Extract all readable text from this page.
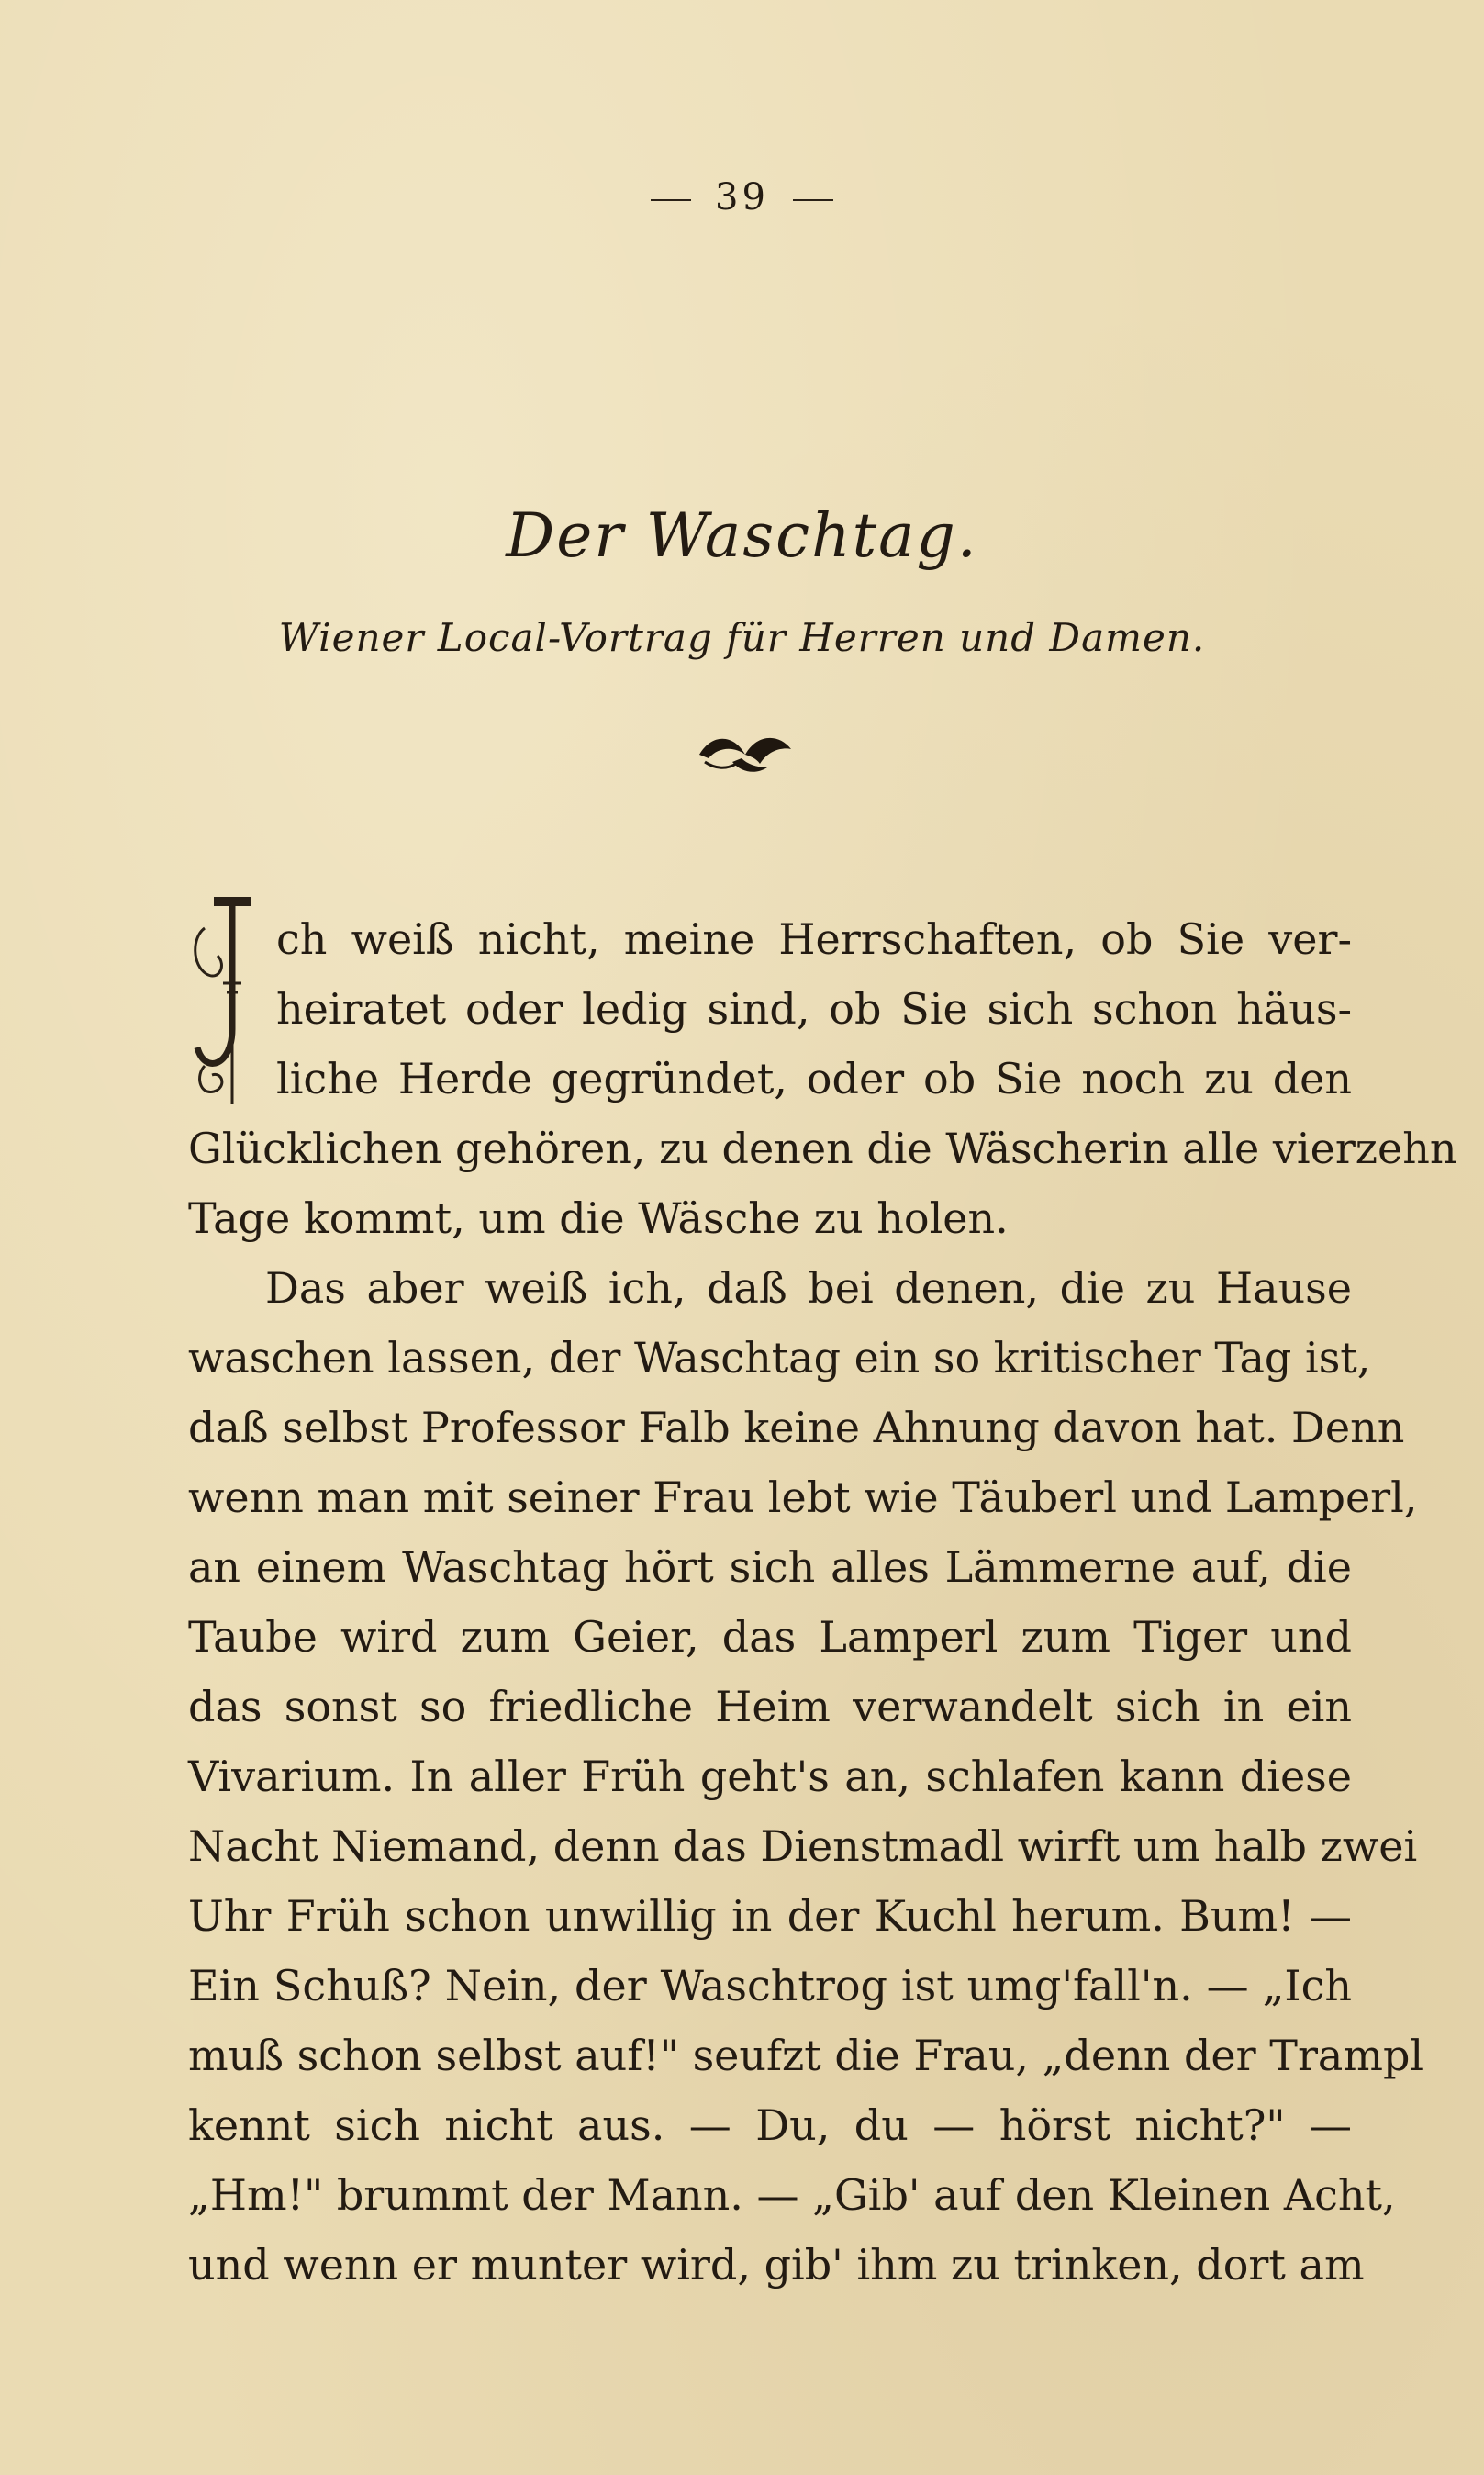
39
Der Waschtag.
Wiener Local-Vortrag für Herren und Damen.
ch weiß nicht, meine Herrschaften, ob Sie ver-
heiratet oder ledig sind, ob Sie sich schon häus-
liche Herde gegründet, oder ob Sie noch zu den
Glücklichen gehören, zu denen die Wäscherin alle vierzehn
Tage kommt, um die Wäsche zu holen.
Das aber weiß ich, daß bei denen, die zu Hause
waschen lassen, der Waschtag ein so kritischer Tag ist,
daß selbst Professor Falb keine Ahnung davon hat. Denn
wenn man mit seiner Frau lebt wie Täuberl und Lamperl,
an einem Waschtag hört sich alles Lämmerne auf, die
Taube wird zum Geier, das Lamperl zum Tiger und
das sonst so friedliche Heim verwandelt sich in ein
Vivarium. In aller Früh geht's an, schlafen kann diese
Nacht Niemand, denn das Dienstmadl wirft um halb zwei
Uhr Früh schon unwillig in der Kuchl herum. Bum! —
Ein Schuß? Nein, der Waschtrog ist umg'fall'n. — „Ich
muß schon selbst auf!" seufzt die Frau, „denn der Trampl
kennt sich nicht aus. — Du, du — hörst nicht?" —
„Hm!" brummt der Mann. — „Gib' auf den Kleinen Acht,
und wenn er munter wird, gib' ihm zu trinken, dort am
